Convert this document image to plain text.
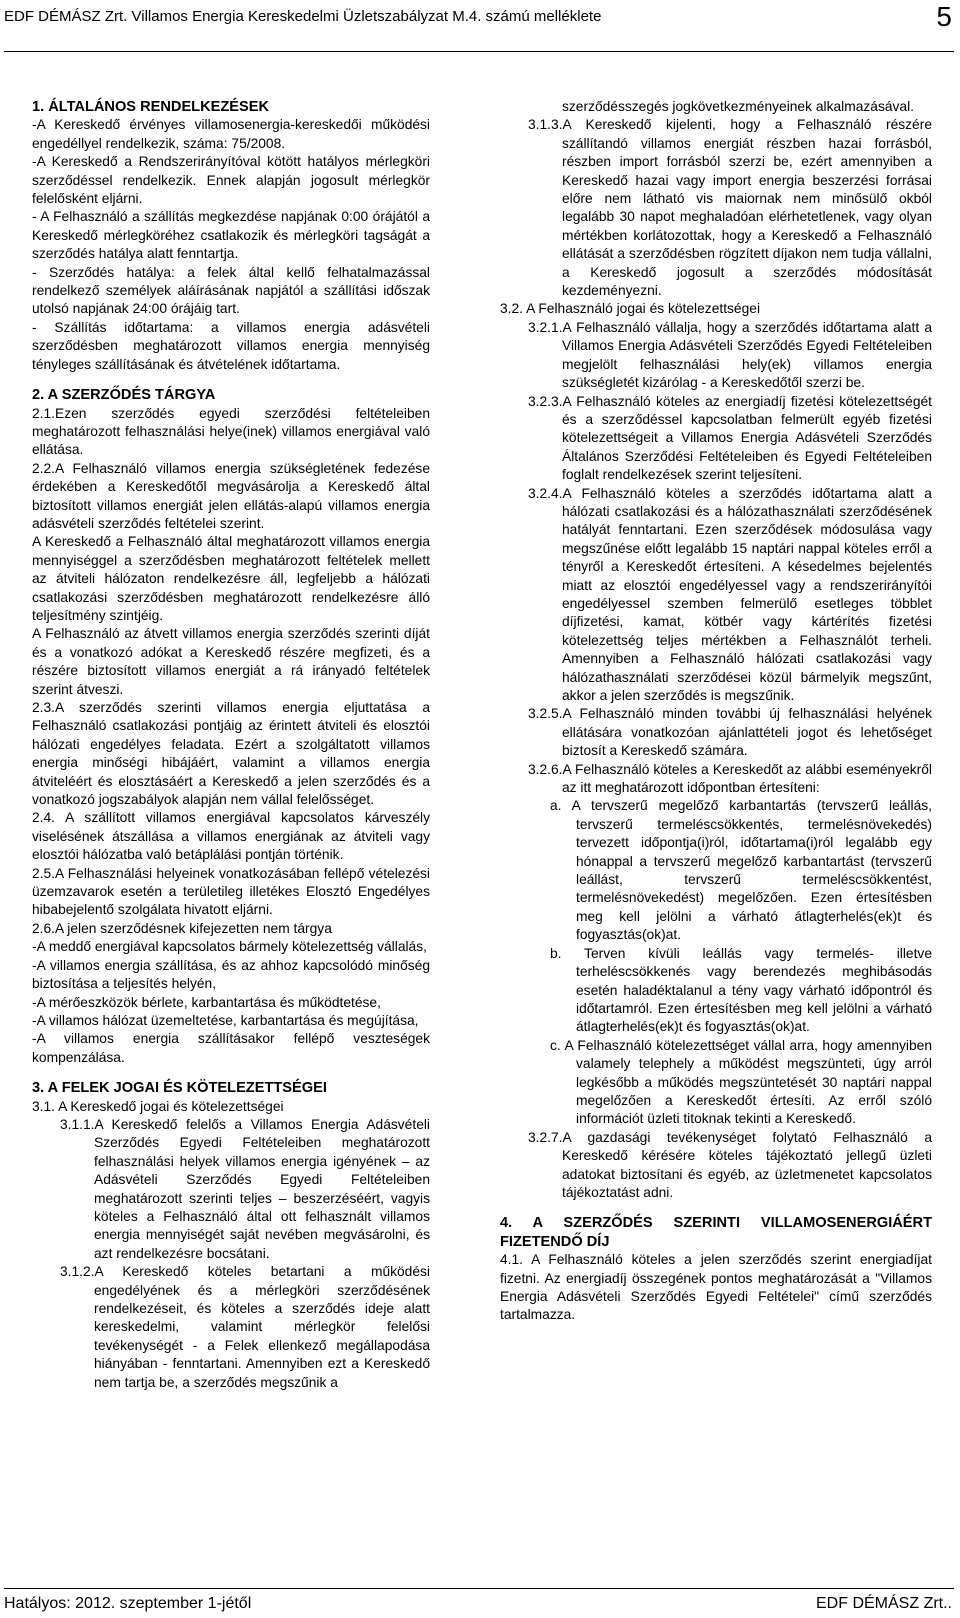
EDF DÉMÁSZ Zrt. Villamos Energia Kereskedelmi Üzletszabályzat M.4. számú melléklete	5

1. ÁLTALÁNOS RENDELKEZÉSEK

-A Kereskedő érvényes villamosenergia-kereskedői működési engedéllyel rendelkezik, száma: 75/2008.

-A Kereskedő a Rendszerirányítóval kötött hatályos mérlegköri szerződéssel rendelkezik. Ennek alapján jogosult mérlegkör felelősként eljárni.

- A Felhasználó a szállítás megkezdése napjának 0:00 órájától a Kereskedő mérlegköréhez csatlakozik és mérlegköri tagságát a szerződés hatálya alatt fenntartja.

- Szerződés hatálya: a felek által kellő felhatalmazással rendelkező személyek aláírásának napjától a szállítási időszak utolsó napjának 24:00 órájáig tart.

- Szállítás időtartama: a villamos energia adásvételi szerződésben meghatározott villamos energia mennyiség tényleges szállításának és átvételének időtartama.

2. A SZERZŐDÉS TÁRGYA

2.1.Ezen szerződés egyedi szerződési feltételeiben meghatározott felhasználási helye(inek) villamos energiával való ellátása.

2.2.A Felhasználó villamos energia szükségletének fedezése érdekében a Kereskedőtől megvásárolja a Kereskedő által biztosított villamos energiát jelen ellátás-alapú villamos energia adásvételi szerződés feltételei szerint.

A Kereskedő a Felhasználó által meghatározott villamos energia mennyiséggel a szerződésben meghatározott feltételek mellett az átviteli hálózaton rendelkezésre áll, legfeljebb a hálózati csatlakozási szerződésben meghatározott rendelkezésre álló teljesítmény szintjéig.

A Felhasználó az átvett villamos energia szerződés szerinti díját és a vonatkozó adókat a Kereskedő részére megfizeti, és a részére biztosított villamos energiát a rá irányadó feltételek szerint átveszi.

2.3.A szerződés szerinti villamos energia eljuttatása a Felhasználó csatlakozási pontjáig az érintett átviteli és elosztói hálózati engedélyes feladata. Ezért a szolgáltatott villamos energia minőségi hibájáért, valamint a villamos energia átviteléért és elosztásáért a Kereskedő a jelen szerződés és a vonatkozó jogszabályok alapján nem vállal felelősséget.

2.4. A szállított villamos energiával kapcsolatos kárveszély viselésének átszállása a villamos energiának az átviteli vagy elosztói hálózatba való betáplálási pontján történik.

2.5.A Felhasználási helyeinek vonatkozásában fellépő vételezési üzemzavarok esetén a területileg illetékes Elosztó Engedélyes hibabejelentő szolgálata hivatott eljárni.

2.6.A jelen szerződésnek kifejezetten nem tárgya

-A meddő energiával kapcsolatos bármely kötelezettség vállalás,

-A villamos energia szállítása, és az ahhoz kapcsolódó minőség biztosítása a teljesítés helyén,

-A mérőeszközök bérlete, karbantartása és működtetése,

-A villamos hálózat üzemeltetése, karbantartása és megújítása,

-A villamos energia szállításakor fellépő veszteségek kompenzálása.

3. A FELEK JOGAI ÉS KÖTELEZETTSÉGEI

3.1. A Kereskedő jogai és kötelezettségei

3.1.1.A Kereskedő felelős a Villamos Energia Adásvételi Szerződés Egyedi Feltételeiben meghatározott felhasználási helyek villamos energia igényének – az Adásvételi Szerződés Egyedi Feltételeiben meghatározott szerinti teljes – beszerzéséért, vagyis köteles a Felhasználó által ott felhasznált villamos energia mennyiségét saját nevében megvásárolni, és azt rendelkezésre bocsátani.

3.1.2.A Kereskedő köteles betartani a működési engedélyének és a mérlegköri szerződésének rendelkezéseit, és köteles a szerződés ideje alatt kereskedelmi, valamint mérlegkör felelősi tevékenységét - a Felek ellenkező megállapodása hiányában - fenntartani. Amennyiben ezt a Kereskedő nem tartja be, a szerződés megszűnik a

szerződésszegés jogkövetkezményeinek alkalmazásával.

3.1.3.A Kereskedő kijelenti, hogy a Felhasználó részére szállítandó villamos energiát részben hazai forrásból, részben import forrásból szerzi be, ezért amennyiben a Kereskedő hazai vagy import energia beszerzési forrásai előre nem látható vis maiornak nem minősülő okból legalább 30 napot meghaladóan elérhetetlenek, vagy olyan mértékben korlátozottak, hogy a Kereskedő a Felhasználó ellátását a szerződésben rögzített díjakon nem tudja vállalni, a Kereskedő jogosult a szerződés módosítását kezdeményezni.

3.2. A Felhasználó jogai és kötelezettségei

3.2.1.A Felhasználó vállalja, hogy a szerződés időtartama alatt a Villamos Energia Adásvételi Szerződés Egyedi Feltételeiben megjelölt felhasználási hely(ek) villamos energia szükségletét kizárólag - a Kereskedőtől szerzi be.

3.2.3.A Felhasználó köteles az energiadíj fizetési kötelezettségét és a szerződéssel kapcsolatban felmerült egyéb fizetési kötelezettségeit a Villamos Energia Adásvételi Szerződés Általános Szerződési Feltételeiben és Egyedi Feltételeiben foglalt rendelkezések szerint teljesíteni.

3.2.4.A Felhasználó köteles a szerződés időtartama alatt a hálózati csatlakozási és a hálózathasználati szerződésének hatályát fenntartani. Ezen szerződések módosulása vagy megszűnése előtt legalább 15 naptári nappal köteles erről a tényről a Kereskedőt értesíteni. A késedelmes bejelentés miatt az elosztói engedélyessel vagy a rendszerirányítói engedélyessel szemben felmerülő esetleges többlet díjfizetési, kamat, kötbér vagy kártérítés fizetési kötelezettség teljes mértékben a Felhasználót terheli. Amennyiben a Felhasználó hálózati csatlakozási vagy hálózathasználati szerződései közül bármelyik megszűnt, akkor a jelen szerződés is megszűnik.

3.2.5.A Felhasználó minden további új felhasználási helyének ellátására vonatkozóan ajánlattételi jogot és lehetőséget biztosít a Kereskedő számára.

3.2.6.A Felhasználó köteles a Kereskedőt az alábbi eseményekről az itt meghatározott időpontban értesíteni:

a. A tervszerű megelőző karbantartás (tervszerű leállás, tervszerű termeléscsökkentés, termelésnövekedés) tervezett időpontja(i)ról, időtartama(i)ról legalább egy hónappal a tervszerű megelőző karbantartást (tervszerű leállást, tervszerű termeléscsökkentést, termelésnövekedést) megelőzően. Ezen értesítésben meg kell jelölni a várható átlagterhelés(ek)t és fogyasztás(ok)at.

b. Terven kívüli leállás vagy termelés- illetve terheléscsökkenés vagy berendezés meghibásodás esetén haladéktalanul a tény vagy várható időpontról és időtartamról. Ezen értesítésben meg kell jelölni a várható átlagterhelés(ek)t és fogyasztás(ok)at.

c. A Felhasználó kötelezettséget vállal arra, hogy amennyiben valamely telephely a működést megszünteti, úgy arról legkésőbb a működés megszüntetését 30 naptári nappal megelőzően a Kereskedőt értesíti. Az erről szóló információt üzleti titoknak tekinti a Kereskedő.

3.2.7.A gazdasági tevékenységet folytató Felhasználó a Kereskedő kérésére köteles tájékoztató jellegű üzleti adatokat biztosítani és egyéb, az üzletmenetet kapcsolatos tájékoztatást adni.

4. A SZERZŐDÉS SZERINTI VILLAMOSENERGIÁÉRT FIZETENDŐ DÍJ

4.1. A Felhasználó köteles a jelen szerződés szerint energiadíjat fizetni. Az energiadíj összegének pontos meghatározását a "Villamos Energia Adásvételi Szerződés Egyedi Feltételei" című szerződés tartalmazza.

Hatályos: 2012. szeptember 1-jétől	EDF DÉMÁSZ Zrt..
